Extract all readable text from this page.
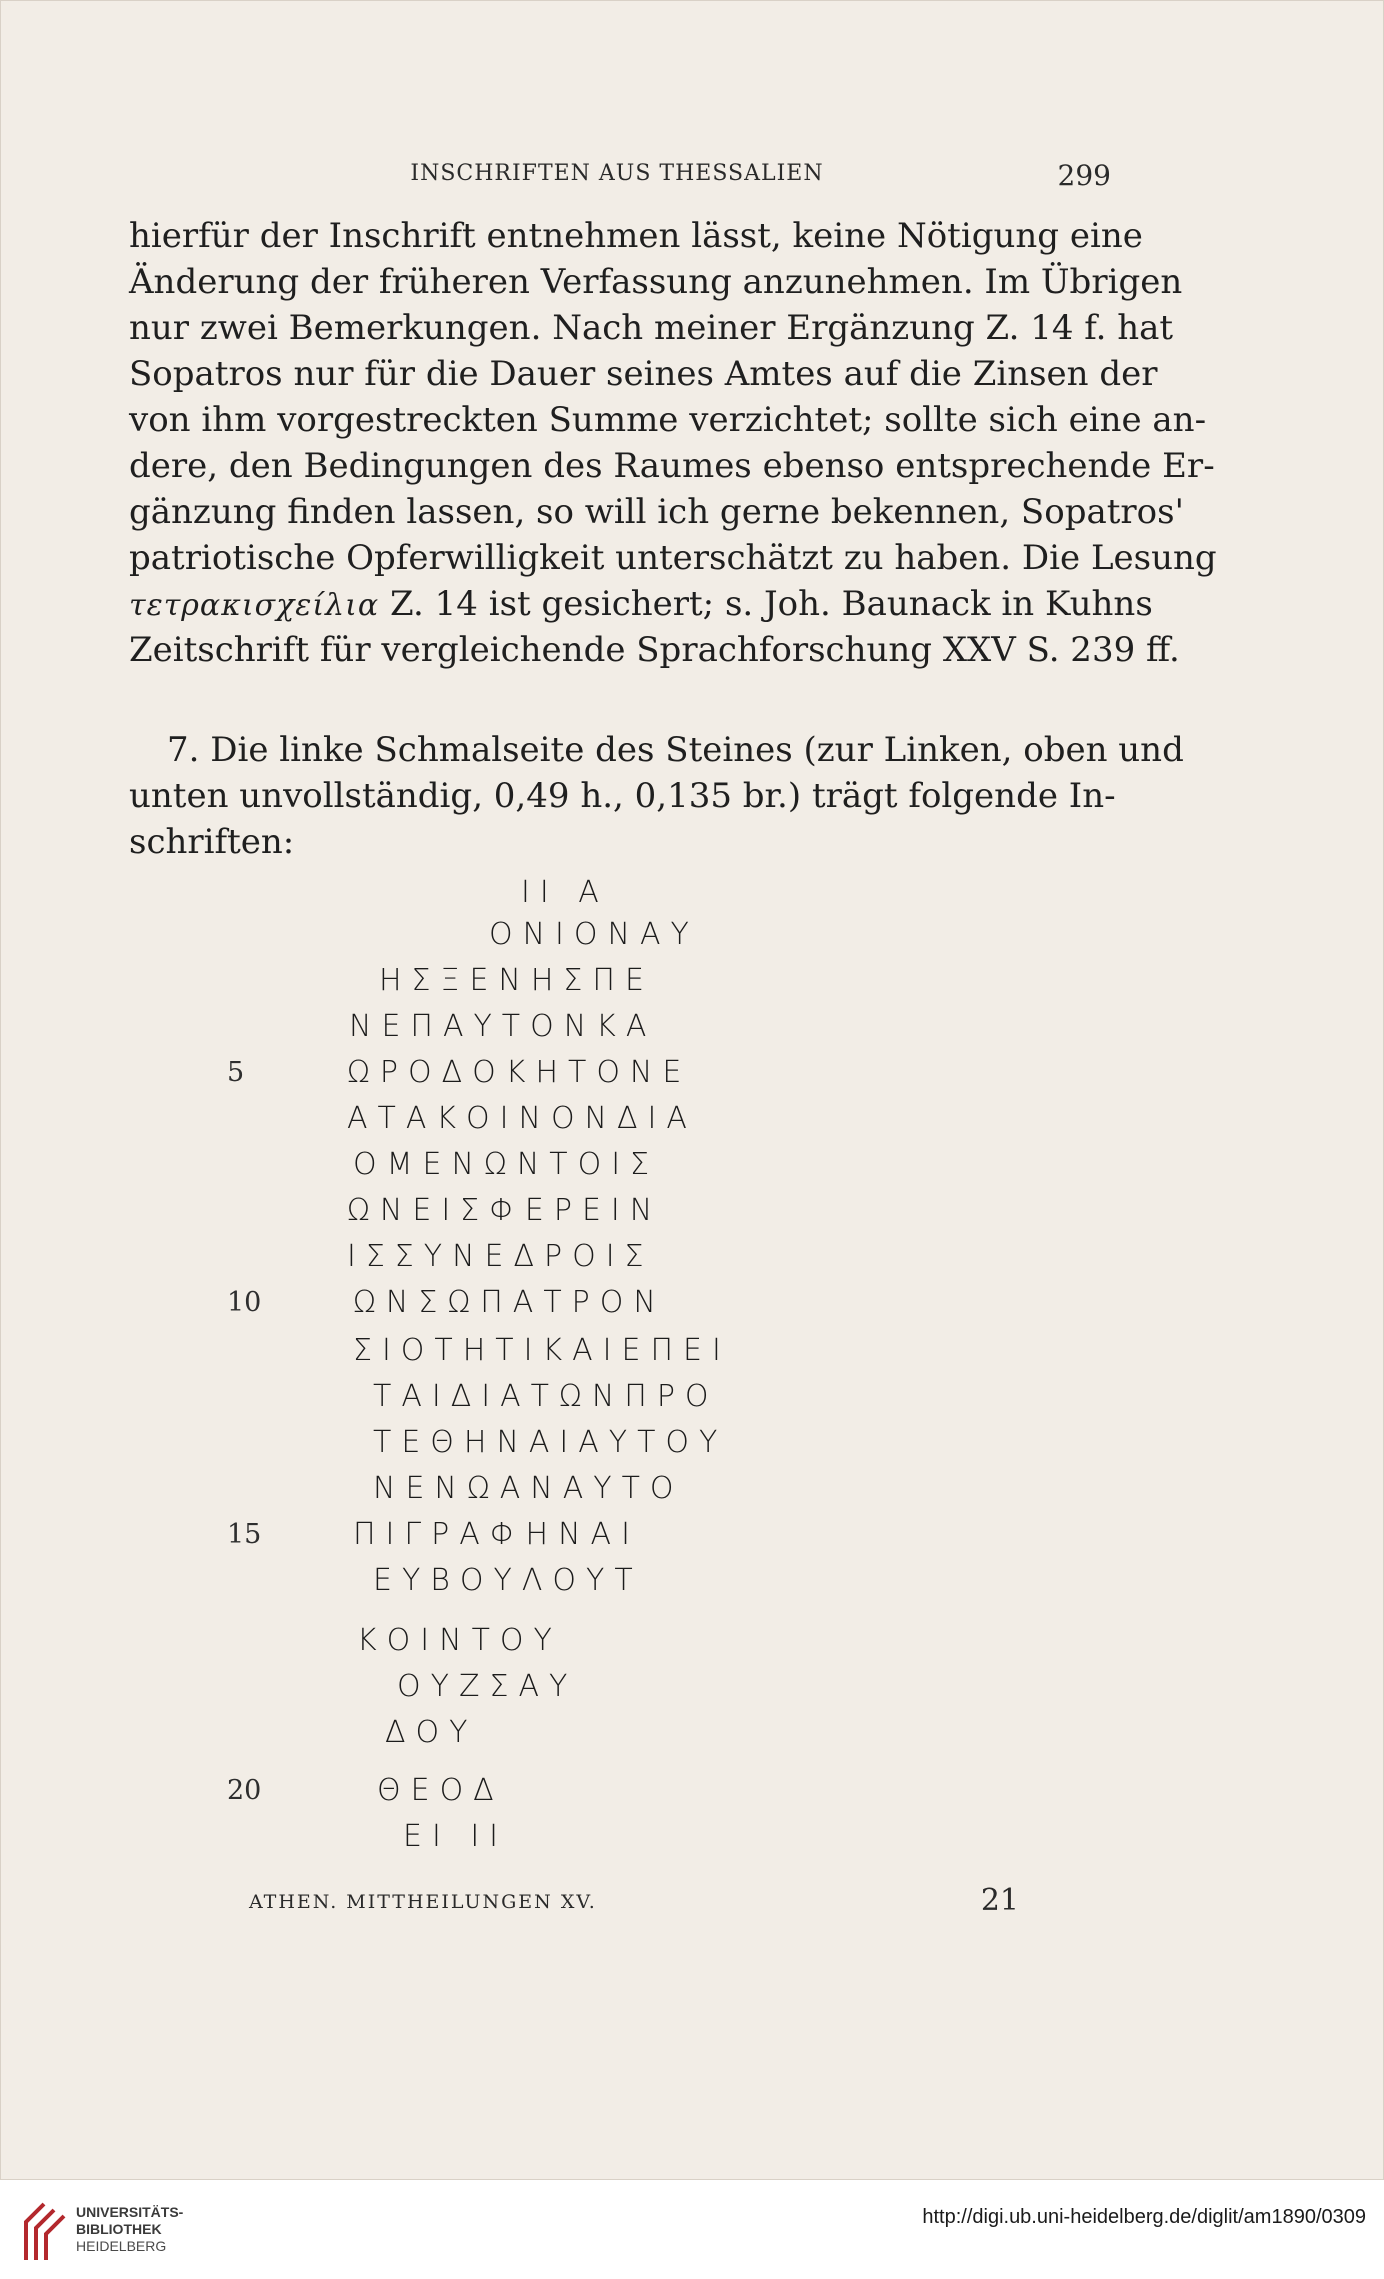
INSCHRIFTEN AUS THESSALIEN	299
hierfür der Inschrift entnehmen lässt, keine Nötigung eine
Änderung der früheren Verfassung anzunehmen. Im Übrigen
nur zwei Bemerkungen. Nach meiner Ergänzung Z. 14 f. hat
Sopatros nur für die Dauer seines Amtes auf die Zinsen der
von ihm vorgestreckten Summe verzichtet; sollte sich eine an-
dere, den Bedingungen des Raumes ebenso entsprechende Er-
gänzung finden lassen, so will ich gerne bekennen, Sopatros'
patriotische Opferwilligkeit unterschätzt zu haben. Die Lesung
τετρακισχείλια Z. 14 ist gesichert; s. Joh. Baunack in Kuhns
Zeitschrift für vergleichende Sprachforschung XXV S. 239 ff.
7. Die linke Schmalseite des Steines (zur Linken, oben und
unten unvollständig, 0,49 h., 0,135 br.) trägt folgende In-
schriften:
ΙΙ Α
ΟΝΙΟΝΑΥ
ΗΣΞΕΝΗΣΠΕ
ΝΕΠΑΥΤΟΝΚΑ
5	ΩΡΟΔΟΚΗΤΟΝΕ
ΑΤΑΚΟΙΝΟΝΔΙΑ
ΟΜΕΝΩΝΤΟΙΣ
ΩΝΕΙΣΦΕΡΕΙΝ
ΙΣΣΥΝΕΔΡΟΙΣ
10	ΩΝΣΩΠΑΤΡΟΝ
ΣΙΟΤΗΤΙΚΑΙΕΠΕΙ
ΤΑΙΔΙΑΤΩΝΠΡΟ
ΤΕΘΗΝΑΙΑΥΤΟΥ
ΝΕΝΩΑΝΑΥΤΟ
15	ΠΙΓΡΑΦΗΝΑΙ
ΕΥΒΟΥΛΟΥΤ
ΚΟΙΝΤΟΥ
ΟΥΖΣΑΥ
ΔΟΥ
20	ΘΕΟΔ
ΕΙ ΙΙ
ATHEN. MITTHEILUNGEN XV.	21
UNIVERSITÄTS-
BIBLIOTHEK
HEIDELBERG
http://digi.ub.uni-heidelberg.de/diglit/am1890/0309
